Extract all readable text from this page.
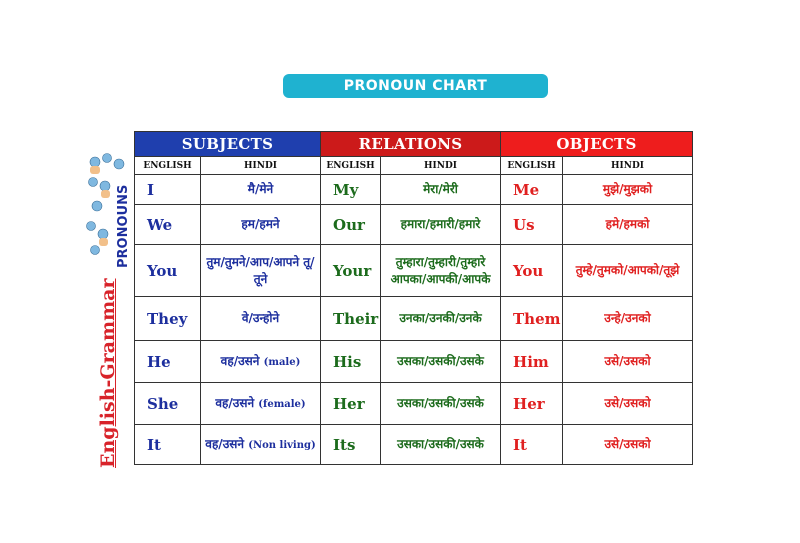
PRONOUN CHART
PRONOUNS
English-Grammar
SUBJECTS		RELATIONS		OBJECTS	
ENGLISH	HINDI	ENGLISH	HINDI	ENGLISH	HINDI
I	मै/मेने	My	मेरा/मेरी	Me	मुझे/मुझको
We	हम/हमने	Our	हमारा/हमारी/हमारे	Us	हमे/हमको
You	तुम/तुमने/आप/आपने तू/तूने	Your	तुम्हारा/तुम्हारी/तुम्हारे आपका/आपकी/आपके	You	तुम्हे/तुमको/आपको/तूझे
They	वे/उन्होने	Their	उनका/उनकी/उनके	Them	उन्हे/उनको
He	वह/उसने (male)	His	उसका/उसकी/उसके	Him	उसे/उसको
She	वह/उसने (female)	Her	उसका/उसकी/उसके	Her	उसे/उसको
It	वह/उसने (Non living)	Its	उसका/उसकी/उसके	It	उसे/उसको
